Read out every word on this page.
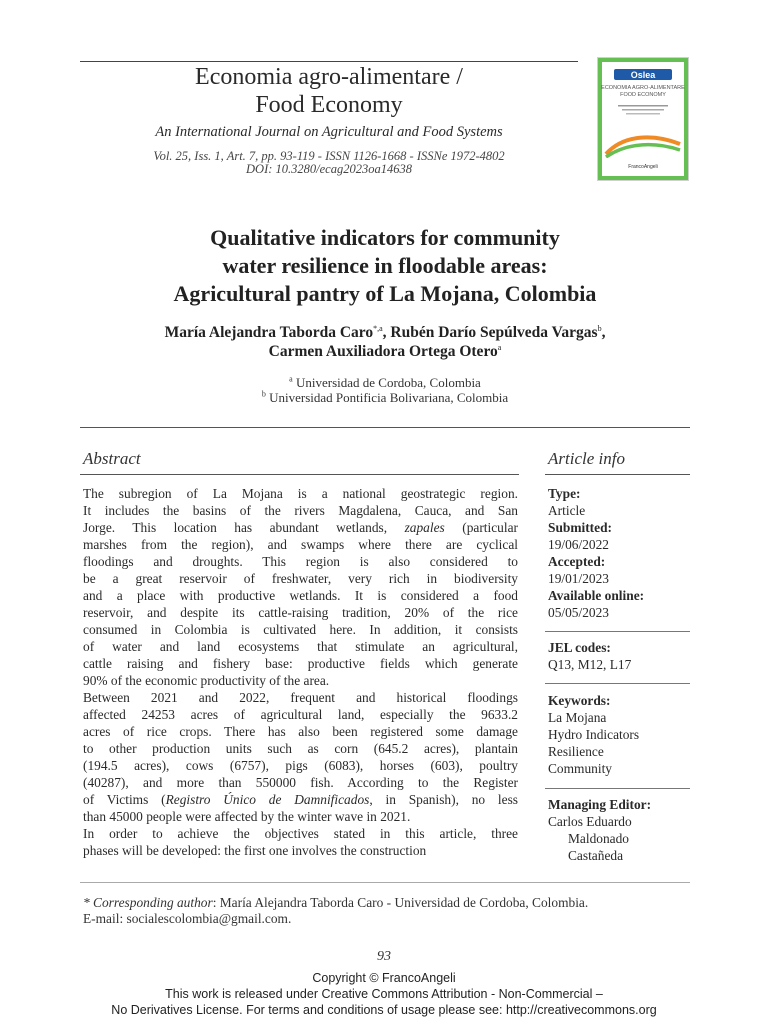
Economia agro-alimentare /
Food Economy
An International Journal on Agricultural and Food Systems
Vol. 25, Iss. 1, Art. 7, pp. 93-119 - ISSN 1126-1668 - ISSNe 1972-4802
DOI: 10.3280/ecag2023oa14638
Oslea
ECONOMIA AGRO-ALIMENTARE FOOD ECONOMY
FrancoAngeli
Qualitative indicators for community
water resilience in floodable areas:
Agricultural pantry of La Mojana, Colombia
María Alejandra Taborda Caro$^{*,a}$, Rubén Darío Sepúlveda Vargas$^b$,
Carmen Auxiliadora Ortega Otero$^a$
$^a$ Universidad de Cordoba, Colombia
$^b$ Universidad Pontificia Bolivariana, Colombia
Abstract	Article info
The subregion of La Mojana is a national geostrategic region.
It includes the basins of the rivers Magdalena, Cauca, and San
Jorge. This location has abundant wetlands, zapales (particular
marshes from the region), and swamps where there are cyclical
floodings and droughts. This region is also considered to
be a great reservoir of freshwater, very rich in biodiversity
and a place with productive wetlands. It is considered a food
reservoir, and despite its cattle-raising tradition, 20% of the rice
consumed in Colombia is cultivated here. In addition, it consists
of water and land ecosystems that stimulate an agricultural,
cattle raising and fishery base: productive fields which generate
90% of the economic productivity of the area.
Between 2021 and 2022, frequent and historical floodings
affected 24253 acres of agricultural land, especially the 9633.2
acres of rice crops. There has also been registered some damage
to other production units such as corn (645.2 acres), plantain
(194.5 acres), cows (6757), pigs (6083), horses (603), poultry
(40287), and more than 550000 fish. According to the Register
of Victims (Registro Único de Damnificados, in Spanish), no less
than 45000 people were affected by the winter wave in 2021.
In order to achieve the objectives stated in this article, three
phases will be developed: the first one involves the construction
Type:
Article
Submitted:
19/06/2022
Accepted:
19/01/2023
Available online:
05/05/2023
JEL codes:
Q13, M12, L17
Keywords:
La Mojana
Hydro Indicators
Resilience
Community
Managing Editor:
Carlos Eduardo
Maldonado
Castañeda
* Corresponding author: María Alejandra Taborda Caro - Universidad de Cordoba, Colombia.
E-mail: socialescolombia@gmail.com.
93
Copyright © FrancoAngeli
This work is released under Creative Commons Attribution - Non-Commercial –
No Derivatives License. For terms and conditions of usage please see: http://creativecommons.org
